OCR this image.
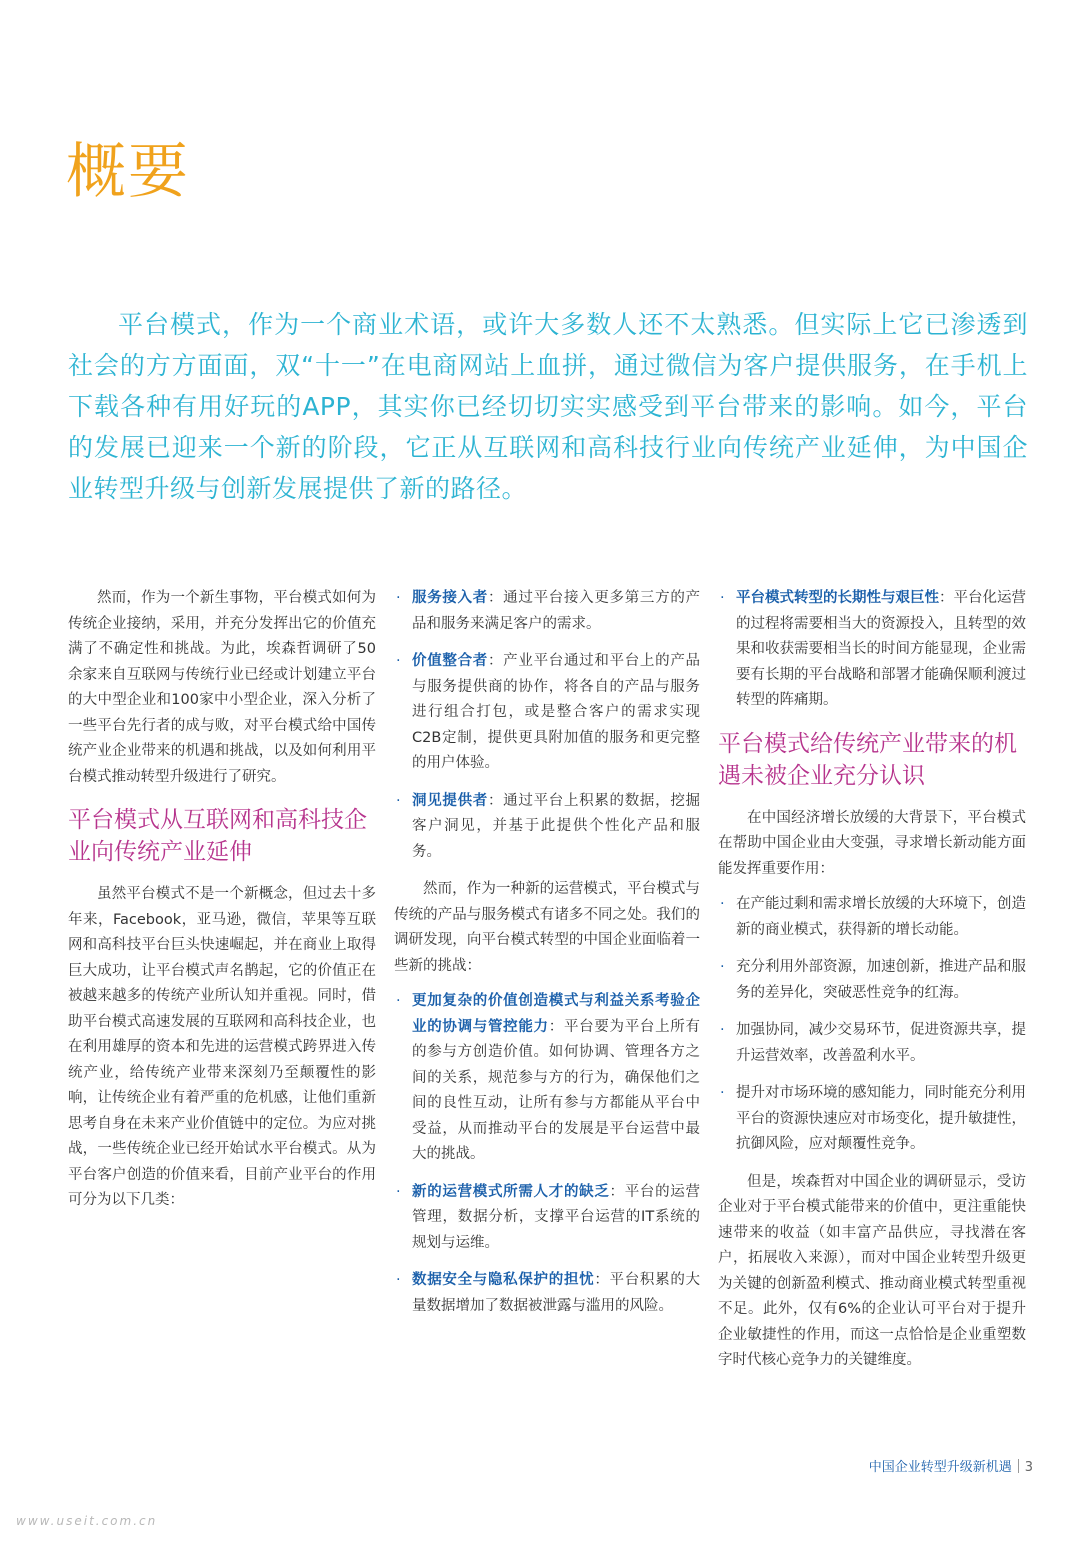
概要

平台模式，作为一个商业术语，或许大多数人还不太熟悉。但实际上它已渗透到社会的方方面面，双“十一”在电商网站上血拼，通过微信为客户提供服务，在手机上下载各种有用好玩的APP，其实你已经切切实实感受到平台带来的影响。如今，平台的发展已迎来一个新的阶段，它正从互联网和高科技行业向传统产业延伸，为中国企业转型升级与创新发展提供了新的路径。

然而，作为一个新生事物，平台模式如何为传统企业接纳，采用，并充分发挥出它的价值充满了不确定性和挑战。为此，埃森哲调研了50余家来自互联网与传统行业已经或计划建立平台的大中型企业和100家中小型企业，深入分析了一些平台先行者的成与败，对平台模式给中国传统产业企业带来的机遇和挑战，以及如何利用平台模式推动转型升级进行了研究。

平台模式从互联网和高科技企业向传统产业延伸

虽然平台模式不是一个新概念，但过去十多年来，Facebook，亚马逊，微信，苹果等互联网和高科技平台巨头快速崛起，并在商业上取得巨大成功，让平台模式声名鹊起，它的价值正在被越来越多的传统产业所认知并重视。同时，借助平台模式高速发展的互联网和高科技企业，也在利用雄厚的资本和先进的运营模式跨界进入传统产业，给传统产业带来深刻乃至颠覆性的影响，让传统企业有着严重的危机感，让他们重新思考自身在未来产业价值链中的定位。为应对挑战，一些传统企业已经开始试水平台模式。从为平台客户创造的价值来看，目前产业平台的作用可分为以下几类：

· 服务接入者：通过平台接入更多第三方的产品和服务来满足客户的需求。
· 价值整合者：产业平台通过和平台上的产品与服务提供商的协作，将各自的产品与服务进行组合打包，或是整合客户的需求实现C2B定制，提供更具附加值的服务和更完整的用户体验。
· 洞见提供者：通过平台上积累的数据，挖掘客户洞见，并基于此提供个性化产品和服务。

然而，作为一种新的运营模式，平台模式与传统的产品与服务模式有诸多不同之处。我们的调研发现，向平台模式转型的中国企业面临着一些新的挑战：

· 更加复杂的价值创造模式与利益关系考验企业的协调与管控能力：平台要为平台上所有的参与方创造价值。如何协调、管理各方之间的关系，规范参与方的行为，确保他们之间的良性互动，让所有参与方都能从平台中受益，从而推动平台的发展是平台运营中最大的挑战。
· 新的运营模式所需人才的缺乏：平台的运营管理，数据分析，支撑平台运营的IT系统的规划与运维。
· 数据安全与隐私保护的担忧：平台积累的大量数据增加了数据被泄露与滥用的风险。
· 平台模式转型的长期性与艰巨性：平台化运营的过程将需要相当大的资源投入，且转型的效果和收获需要相当长的时间方能显现，企业需要有长期的平台战略和部署才能确保顺利渡过转型的阵痛期。
平台模式给传统产业带来的机遇未被企业充分认识

在中国经济增长放缓的大背景下，平台模式在帮助中国企业由大变强，寻求增长新动能方面能发挥重要作用：

· 在产能过剩和需求增长放缓的大环境下，创造新的商业模式，获得新的增长动能。
· 充分利用外部资源，加速创新，推进产品和服务的差异化，突破恶性竞争的红海。
· 加强协同，减少交易环节，促进资源共享，提升运营效率，改善盈利水平。
· 提升对市场环境的感知能力，同时能充分利用平台的资源快速应对市场变化，提升敏捷性，抗御风险，应对颠覆性竞争。

但是，埃森哲对中国企业的调研显示，受访企业对于平台模式能带来的价值中，更注重能快速带来的收益（如丰富产品供应，寻找潜在客户，拓展收入来源），而对中国企业转型升级更为关键的创新盈利模式、推动商业模式转型重视不足。此外，仅有6%的企业认可平台对于提升企业敏捷性的作用，而这一点恰恰是企业重塑数字时代核心竞争力的关键维度。

中国企业转型升级新机遇 3
www.useit.com.cn
